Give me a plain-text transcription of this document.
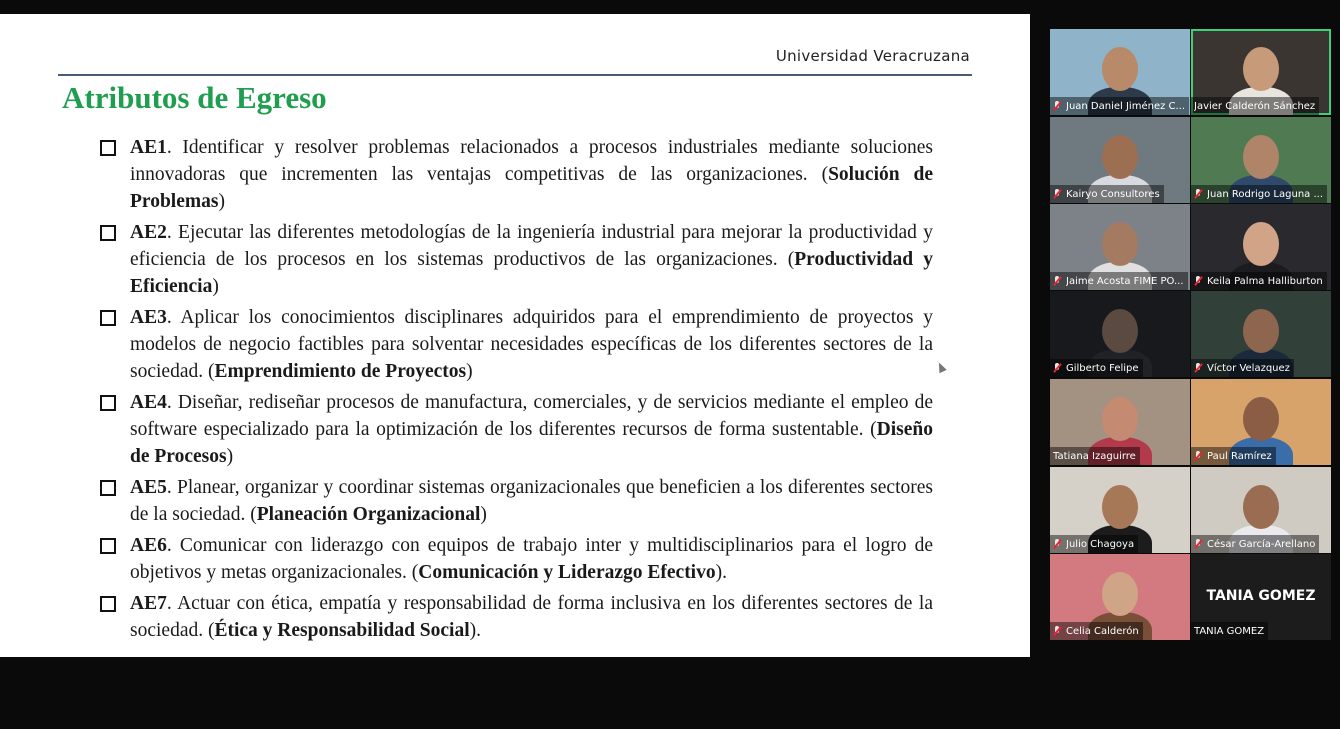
Universidad Veracruzana
Atributos de Egreso
AE1. Identificar y resolver problemas relacionados a procesos industriales mediante soluciones innovadoras que incrementen las ventajas competitivas de las organizaciones. (Solución de Problemas)
AE2. Ejecutar las diferentes metodologías de la ingeniería industrial para mejorar la productividad y eficiencia de los procesos en los sistemas productivos de las organizaciones. (Productividad y Eficiencia)
AE3. Aplicar los conocimientos disciplinares adquiridos para el emprendimiento de proyectos y modelos de negocio factibles para solventar necesidades específicas de los diferentes sectores de la sociedad. (Emprendimiento de Proyectos)
AE4. Diseñar, rediseñar procesos de manufactura, comerciales, y de servicios mediante el empleo de software especializado para la optimización de los diferentes recursos de forma sustentable. (Diseño de Procesos)
AE5. Planear, organizar y coordinar sistemas organizacionales que beneficien a los diferentes sectores de la sociedad. (Planeación Organizacional)
AE6. Comunicar con liderazgo con equipos de trabajo inter y multidisciplinarios para el logro de objetivos y metas organizacionales. (Comunicación y Liderazgo Efectivo).
AE7. Actuar con ética, empatía y responsabilidad de forma inclusiva en los diferentes sectores de la sociedad. (Ética y Responsabilidad Social).
Juan Daniel Jiménez C... Javier Calderón Sánchez
Kairyo Consultores	Juan Rodrigo Laguna ...
Jaime Acosta FIME PO... Keila Palma Halliburton
Gilberto Felipe	Víctor Velazquez
Tatiana Izaguirre	Paul Ramírez
Julio Chagoya	César García-Arellano
Celia Calderón
TANIA GOMEZ
TANIA GOMEZ
